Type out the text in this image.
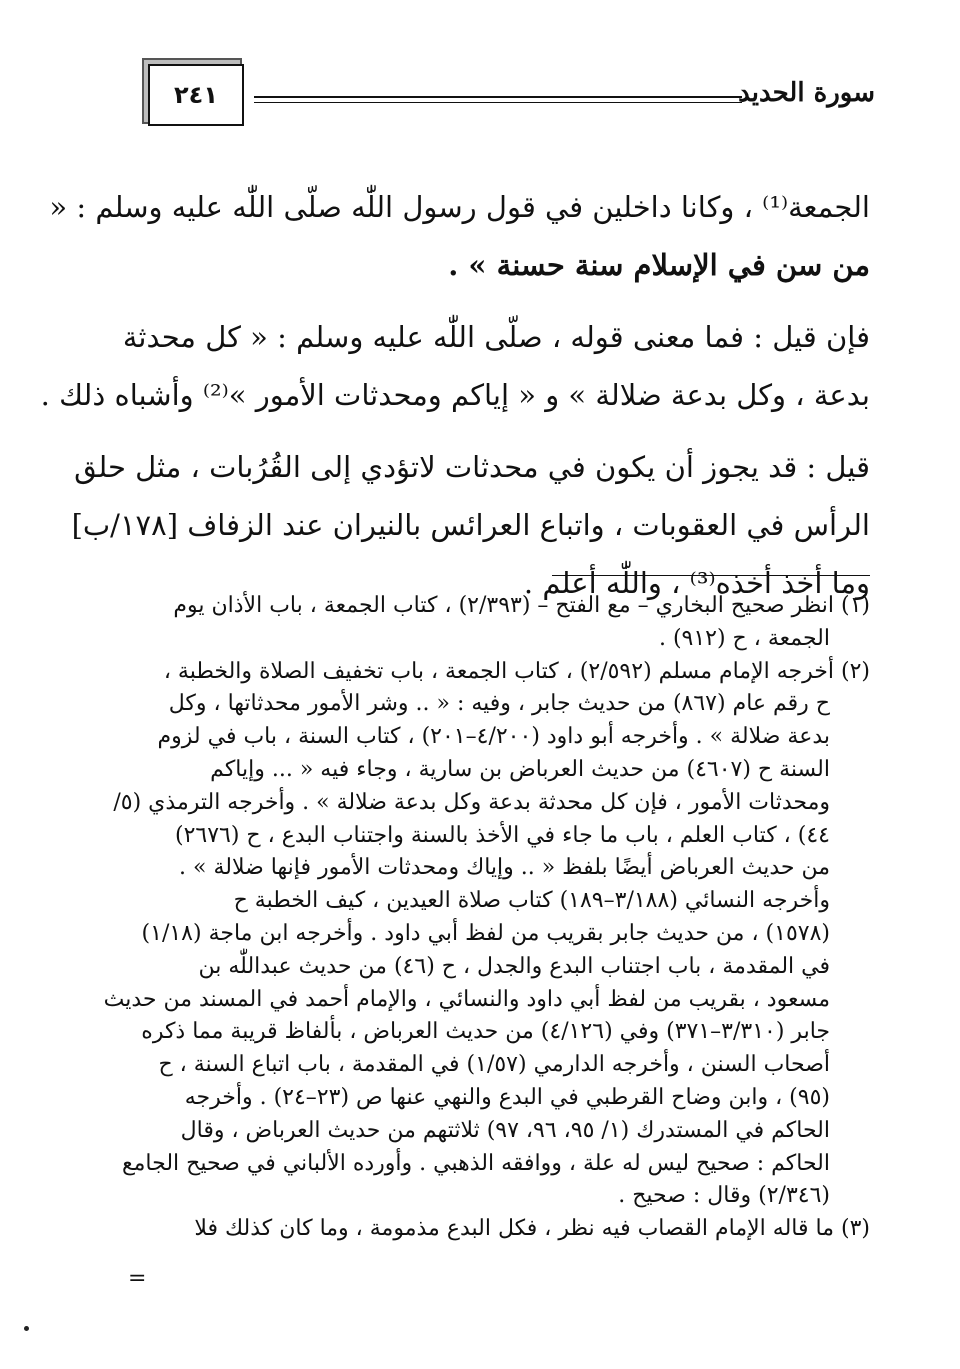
٢٤١	سورة الحديد

الجمعة⁽¹⁾ ، وكانا داخلين في قول رسول اللّٰه صلّى اللّٰه عليه وسلم : «
من سن في الإسلام سنة حسنة » .

فإن قيل : فما معنى قوله ، صلّى اللّٰه عليه وسلم : « كل محدثة
بدعة ، وكل بدعة ضلالة » و « إياكم ومحدثات الأمور »⁽²⁾ وأشباه ذلك .

قيل : قد يجوز أن يكون في محدثات لاتؤدي إلى القُرُبات ، مثل حلق
الرأس في العقوبات ، واتباع العرائس بالنيران عند الزفاف [١٧٨/ب]
وما أخذ أخذه⁽³⁾ ، واللّٰه أعلم .

(١) انظر صحيح البخاري – مع الفتح – (٢/٣٩٣) ، كتاب الجمعة ، باب الأذان يوم
الجمعة ، ح (٩١٢) .
(٢) أخرجه الإمام مسلم (٢/٥٩٢) ، كتاب الجمعة ، باب تخفيف الصلاة والخطبة ،
ح رقم عام (٨٦٧) من حديث جابر ، وفيه : « .. وشر الأمور محدثاتها ، وكل
بدعة ضلالة » . وأخرجه أبو داود (٤/٢٠٠–٢٠١) ، كتاب السنة ، باب في لزوم
السنة ح (٤٦٠٧) من حديث العرباض بن سارية ، وجاء فيه « ... وإياكم
ومحدثات الأمور ، فإن كل محدثة بدعة وكل بدعة ضلالة » . وأخرجه الترمذي (٥/
٤٤) ، كتاب العلم ، باب ما جاء في الأخذ بالسنة واجتناب البدع ، ح (٢٦٧٦)
من حديث العرباض أيضًا بلفظ « .. وإياك ومحدثات الأمور فإنها ضلالة » .
وأخرجه النسائي (٣/١٨٨–١٨٩) كتاب صلاة العيدين ، كيف الخطبة ح
(١٥٧٨) ، من حديث جابر بقريب من لفظ أبي داود . وأخرجه ابن ماجة (١/١٨)
في المقدمة ، باب اجتناب البدع والجدل ، ح (٤٦) من حديث عبداللّٰه بن
مسعود ، بقريب من لفظ أبي داود والنسائي ، والإمام أحمد في المسند من حديث
جابر (٣/٣١٠–٣٧١) وفي (٤/١٢٦) من حديث العرباض ، بألفاظ قريبة مما ذكره
أصحاب السنن ، وأخرجه الدارمي (١/٥٧) في المقدمة ، باب اتباع السنة ، ح
(٩٥) ، وابن وضاح القرطبي في البدع والنهي عنها ص (٢٣–٢٤) . وأخرجه
الحاكم في المستدرك (١/ ٩٥، ٩٦، ٩٧) ثلاثتهم من حديث العرباض ، وقال
الحاكم : صحيح ليس له علة ، ووافقه الذهبي . وأورده الألباني في صحيح الجامع
(٢/٣٤٦) وقال : صحيح .
(٣) ما قاله الإمام القصاب فيه نظر ، فكل البدع مذمومة ، وما كان كذلك فلا
=
